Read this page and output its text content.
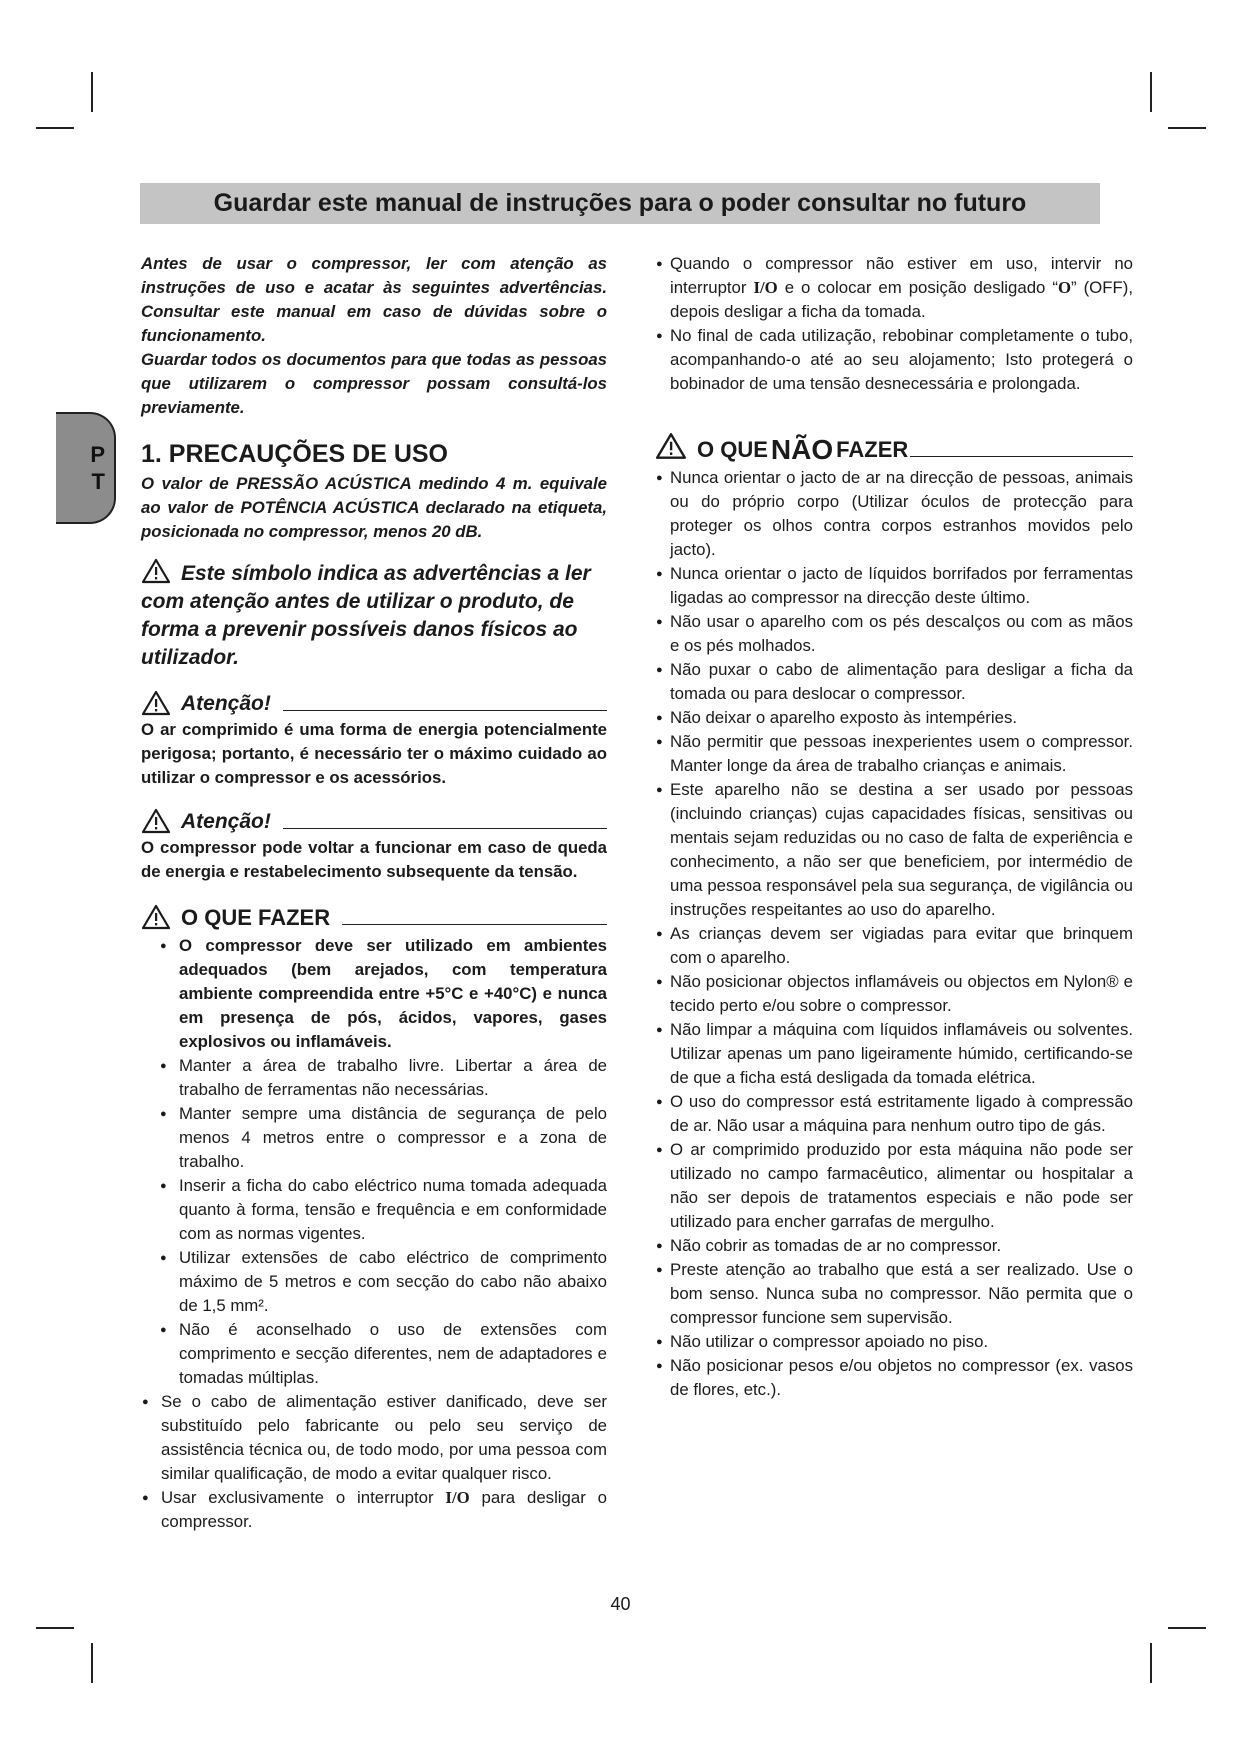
Guardar este manual de instruções para o poder consultar no futuro
P
T

Antes de usar o compressor, ler com atenção as instruções de uso e acatar às seguintes advertências. Consultar este manual em caso de dúvidas sobre o funcionamento.

Guardar todos os documentos para que todas as pessoas que utilizarem o compressor possam consultá-los previamente.

1. PRECAUÇÕES DE USO

O valor de PRESSÃO ACÚSTICA medindo 4 m. equivale ao valor de POTÊNCIA ACÚSTICA declarado na etiqueta, posicionada no compressor, menos 20 dB.

Este símbolo indica as advertências a ler com atenção antes de utilizar o produto, de forma a prevenir possíveis danos físicos ao utilizador.

Atenção!

O ar comprimido é uma forma de energia potencialmente perigosa; portanto, é necessário ter o máximo cuidado ao utilizar o compressor e os acessórios.

Atenção!

O compressor pode voltar a funcionar em caso de queda de energia e restabelecimento subsequente da tensão.

O QUE FAZER
● O compressor deve ser utilizado em ambientes adequados (bem arejados, com temperatura ambiente compreendida entre +5°C e +40°C) e nunca em presença de pós, ácidos, vapores, gases explosivos ou inflamáveis.
● Manter a área de trabalho livre. Libertar a área de trabalho de ferramentas não necessárias.
● Manter sempre uma distância de segurança de pelo menos 4 metros entre o compressor e a zona de trabalho.
● Inserir a ficha do cabo eléctrico numa tomada adequada quanto à forma, tensão e frequência e em conformidade com as normas vigentes.
● Utilizar extensões de cabo eléctrico de comprimento máximo de 5 metros e com secção do cabo não abaixo de 1,5 mm².
● Não é aconselhado o uso de extensões com comprimento e secção diferentes, nem de adaptadores e tomadas múltiplas.
● Se o cabo de alimentação estiver danificado, deve ser substituído pelo fabricante ou pelo seu serviço de assistência técnica ou, de todo modo, por uma pessoa com similar qualificação, de modo a evitar qualquer risco.
● Usar exclusivamente o interruptor I/O para desligar o compressor.
● Quando o compressor não estiver em uso, intervir no interruptor I/O e o colocar em posição desligado “O” (OFF), depois desligar a ficha da tomada.
● No final de cada utilização, rebobinar completamente o tubo, acompanhando-o até ao seu alojamento; Isto protegerá o bobinador de uma tensão desnecessária e prolongada.
O QUE NÃO FAZER
● Nunca orientar o jacto de ar na direcção de pessoas, animais ou do próprio corpo (Utilizar óculos de protecção para proteger os olhos contra corpos estranhos movidos pelo jacto).
● Nunca orientar o jacto de líquidos borrifados por ferramentas ligadas ao compressor na direcção deste último.
● Não usar o aparelho com os pés descalços ou com as mãos e os pés molhados.
● Não puxar o cabo de alimentação para desligar a ficha da tomada ou para deslocar o compressor.
● Não deixar o aparelho exposto às intempéries.
● Não permitir que pessoas inexperientes usem o compressor. Manter longe da área de trabalho crianças e animais.
● Este aparelho não se destina a ser usado por pessoas (incluindo crianças) cujas capacidades físicas, sensitivas ou mentais sejam reduzidas ou no caso de falta de experiência e conhecimento, a não ser que beneficiem, por intermédio de uma pessoa responsável pela sua segurança, de vigilância ou instruções respeitantes ao uso do aparelho.
● As crianças devem ser vigiadas para evitar que brinquem com o aparelho.
● Não posicionar objectos inflamáveis ou objectos em Nylon® e tecido perto e/ou sobre o compressor.
● Não limpar a máquina com líquidos inflamáveis ou solventes. Utilizar apenas um pano ligeiramente húmido, certificando-se de que a ficha está desligada da tomada elétrica.
● O uso do compressor está estritamente ligado à compressão de ar. Não usar a máquina para nenhum outro tipo de gás.
● O ar comprimido produzido por esta máquina não pode ser utilizado no campo farmacêutico, alimentar ou hospitalar a não ser depois de tratamentos especiais e não pode ser utilizado para encher garrafas de mergulho.
● Não cobrir as tomadas de ar no compressor.
● Preste atenção ao trabalho que está a ser realizado. Use o bom senso. Nunca suba no compressor. Não permita que o compressor funcione sem supervisão.
● Não utilizar o compressor apoiado no piso.
● Não posicionar pesos e/ou objetos no compressor (ex. vasos de flores, etc.).
40
